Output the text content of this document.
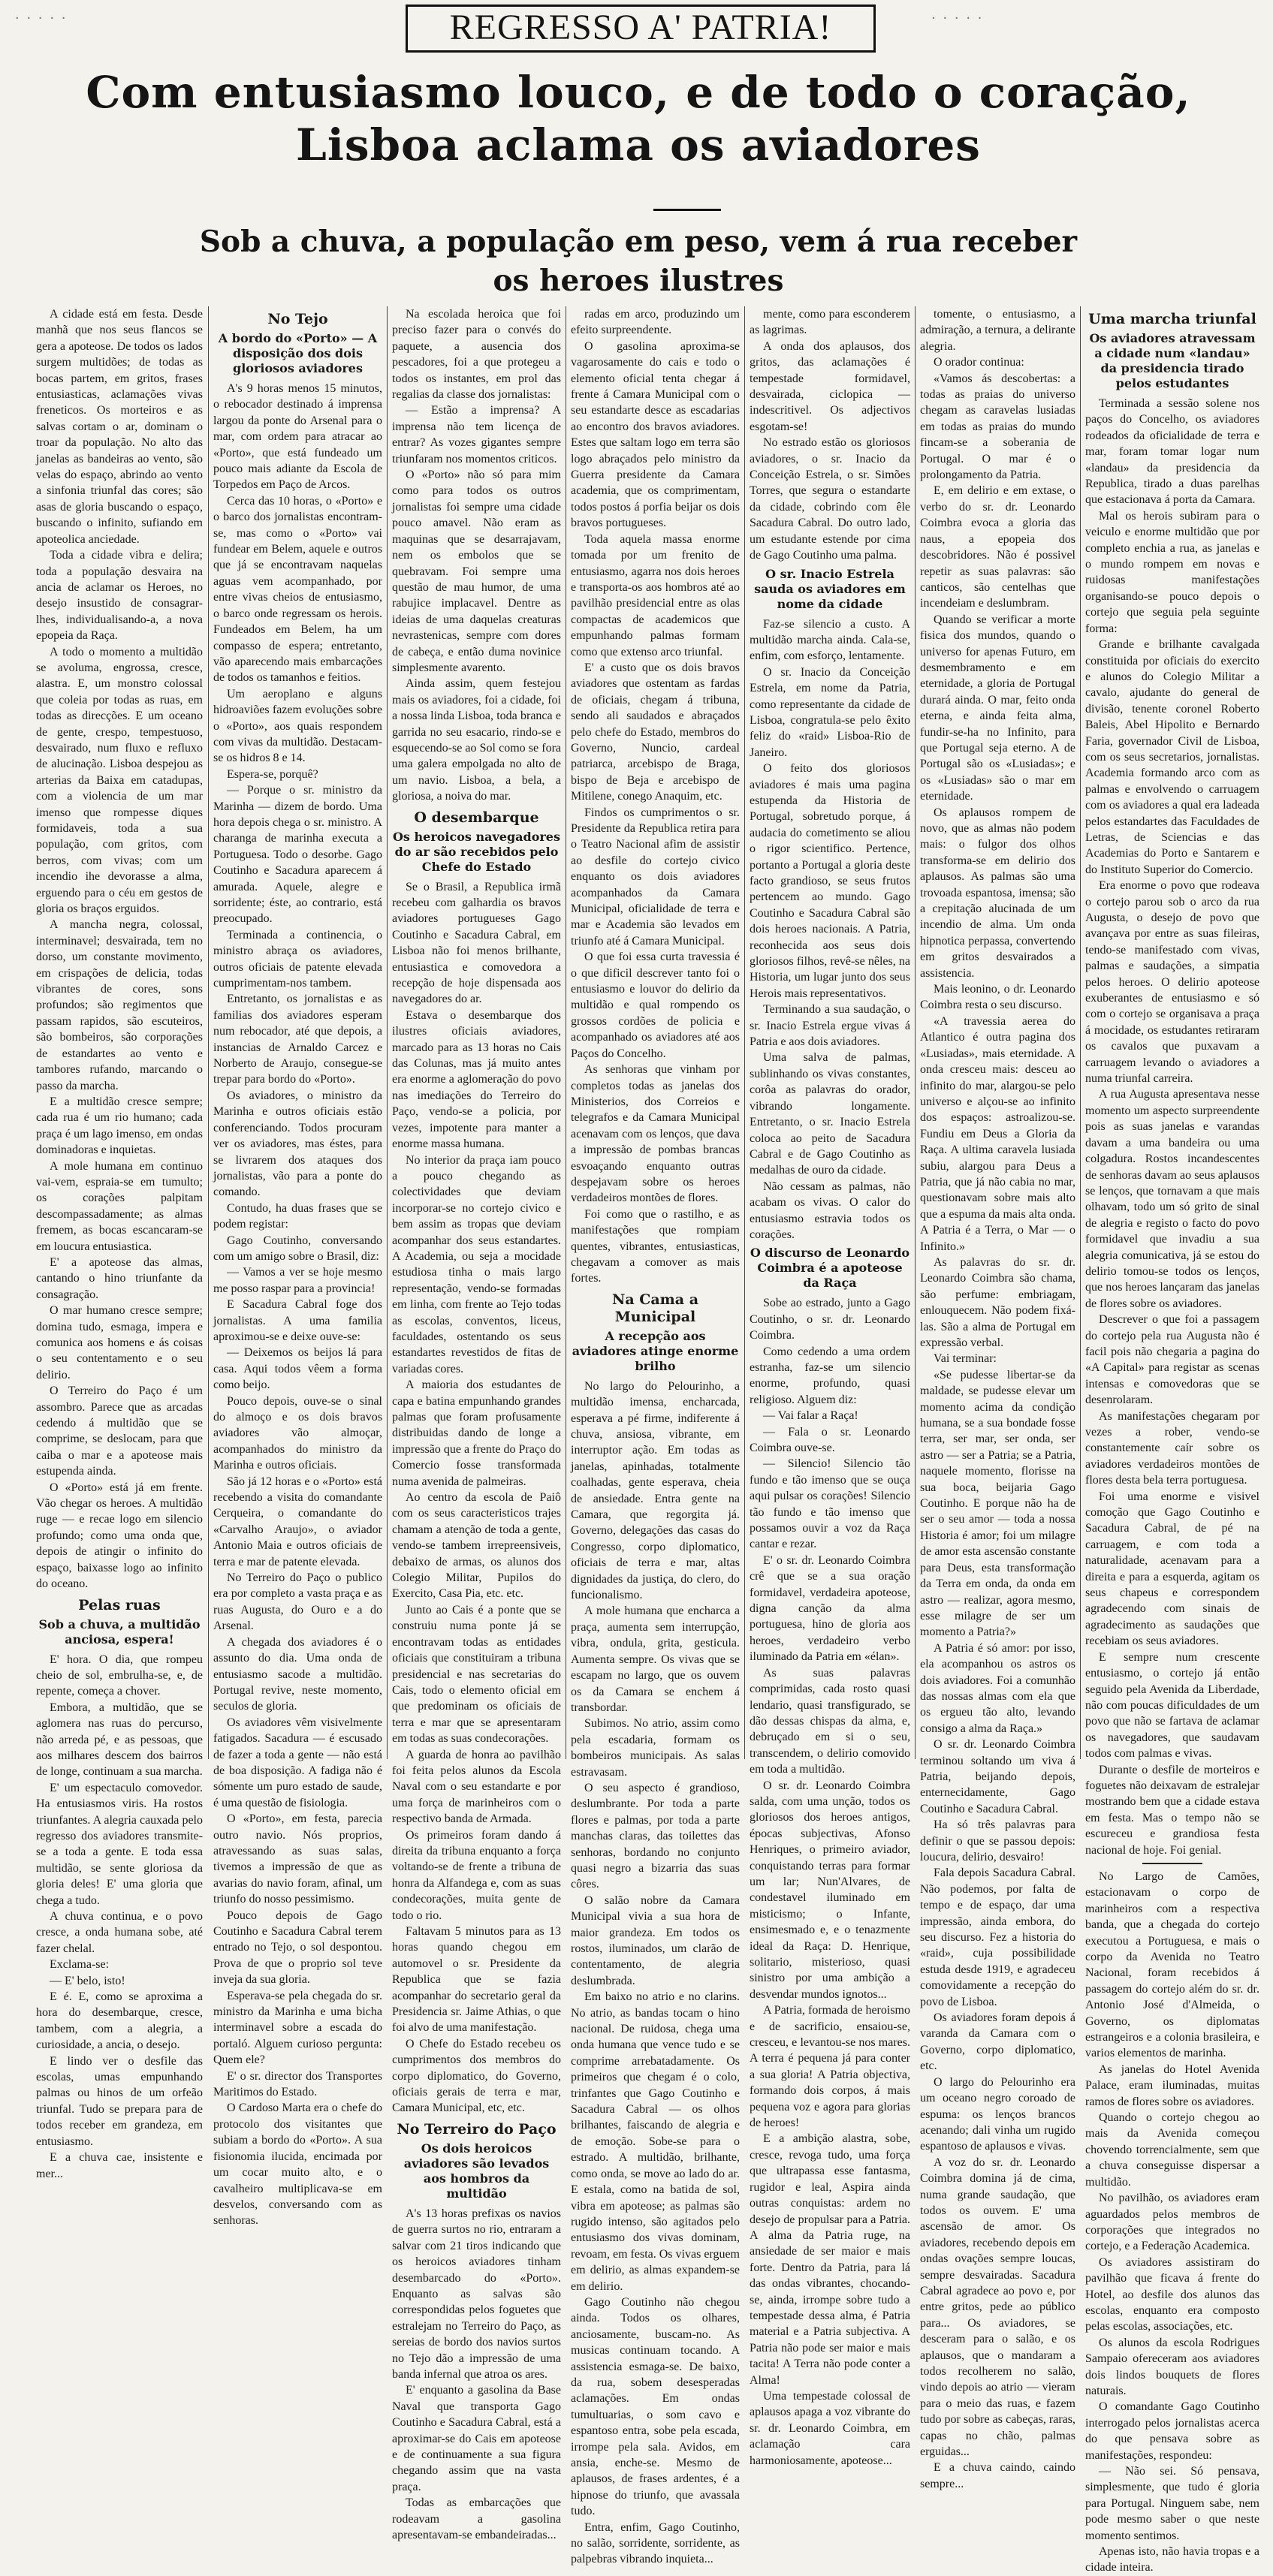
· · · · ·	· · · · ·
REGRESSO A' PATRIA!
Com entusiasmo louco, e de todo o coração,
Lisboa aclama os aviadores
Sob a chuva, a população em peso, vem á rua receber
os heroes ilustres

A cidade está em festa. Desde manhã que nos seus flancos se gera a apoteose. De todos os lados surgem multidões; de todas as bocas partem, em gritos, frases entusiasticas, aclamações vivas freneticos. Os morteiros e as salvas cortam o ar, dominam o troar da população. No alto das janelas as bandeiras ao vento, são velas do espaço, abrindo ao vento a sinfonia triunfal das cores; são asas de gloria buscando o espaço, buscando o infinito, sufiando em apoteolica anciedade.

Toda a cidade vibra e delira; toda a população desvaira na ancia de aclamar os Heroes, no desejo insustido de consagrar-lhes, individualisando-a, a nova epopeia da Raça.

A todo o momento a multidão se avoluma, engrossa, cresce, alastra. E, um monstro colossal que coleia por todas as ruas, em todas as direcções. E um oceano de gente, crespo, tempestuoso, desvairado, num fluxo e refluxo de alucinação. Lisboa despejou as arterias da Baixa em catadupas, com a violencia de um mar imenso que rompesse diques formidaveis, toda a sua população, com gritos, com berros, com vivas; com um incendio ihe devorasse a alma, erguendo para o céu em gestos de gloria os braços erguidos.

A mancha negra, colossal, interminavel; desvairada, tem no dorso, um constante movimento, em crispações de delicia, todas vibrantes de cores, sons profundos; são regimentos que passam rapidos, são escuteiros, são bombeiros, são corporações de estandartes ao vento e tambores rufando, marcando o passo da marcha.

E a multidão cresce sempre; cada rua é um rio humano; cada praça é um lago imenso, em ondas dominadoras e inquietas.

A mole humana em continuo vai-vem, espraia-se em tumulto; os corações palpitam descompassadamente; as almas fremem, as bocas escancaram-se em loucura entusiastica.

E' a apoteose das almas, cantando o hino triunfante da consagração.

O mar humano cresce sempre; domina tudo, esmaga, impera e comunica aos homens e ás coisas o seu contentamento e o seu delirio.

O Terreiro do Paço é um assombro. Parece que as arcadas cedendo á multidão que se comprime, se deslocam, para que caiba o mar e a apoteose mais estupenda ainda.

O «Porto» está já em frente. Vão chegar os heroes. A multidão ruge — e recae logo em silencio profundo; como uma onda que, depois de atingir o infinito do espaço, baixasse logo ao infinito do oceano.

Pelas ruas
Sob a chuva, a multidão anciosa, espera!

E' hora. O dia, que rompeu cheio de sol, embrulha-se, e, de repente, começa a chover.

Embora, a multidão, que se aglomera nas ruas do percurso, não arreda pé, e as pessoas, que aos milhares descem dos bairros de longe, continuam a sua marcha.

E' um espectaculo comovedor. Ha entusiasmos viris. Ha rostos triunfantes. A alegria cauxada pelo regresso dos aviadores transmite-se a toda a gente. E toda essa multidão, se sente gloriosa da gloria deles! E' uma gloria que chega a tudo.

A chuva continua, e o povo cresce, a onda humana sobe, até fazer chelal.

Exclama-se:

— E' belo, isto!

E é. E, como se aproxima a hora do desembarque, cresce, tambem, com a alegria, a curiosidade, a ancia, o desejo.

E lindo ver o desfile das escolas, umas empunhando palmas ou hinos de um orfeão triunfal. Tudo se prepara para de todos receber em grandeza, em entusiasmo.

E a chuva cae, insistente e mer...

No Tejo
A bordo do «Porto» — A disposição dos dois gloriosos aviadores

A's 9 horas menos 15 minutos, o rebocador destinado á imprensa largou da ponte do Arsenal para o mar, com ordem para atracar ao «Porto», que está fundeado um pouco mais adiante da Escola de Torpedos em Paço de Arcos.

Cerca das 10 horas, o «Porto» e o barco dos jornalistas encontram-se, mas como o «Porto» vai fundear em Belem, aquele e outros que já se encontravam naquelas aguas vem acompanhado, por entre vivas cheios de entusiasmo, o barco onde regressam os herois. Fundeados em Belem, ha um compasso de espera; entretanto, vão aparecendo mais embarcações de todos os tamanhos e feitios.

Um aeroplano e alguns hidroaviões fazem evoluções sobre o «Porto», aos quais respondem com vivas da multidão. Destacam-se os hidros 8 e 14.

Espera-se, porquê?

— Porque o sr. ministro da Marinha — dizem de bordo. Uma hora depois chega o sr. ministro. A charanga de marinha executa a Portuguesa. Todo o desorbe. Gago Coutinho e Sacadura aparecem á amurada. Aquele, alegre e sorridente; éste, ao contrario, está preocupado.

Terminada a continencia, o ministro abraça os aviadores, outros oficiais de patente elevada cumprimentam-nos tambem.

Entretanto, os jornalistas e as familias dos aviadores esperam num rebocador, até que depois, a instancias de Arnaldo Carcez e Norberto de Araujo, consegue-se trepar para bordo do «Porto».

Os aviadores, o ministro da Marinha e outros oficiais estão conferenciando. Todos procuram ver os aviadores, mas éstes, para se livrarem dos ataques dos jornalistas, vão para a ponte do comando.

Contudo, ha duas frases que se podem registar:

Gago Coutinho, conversando com um amigo sobre o Brasil, diz:

— Vamos a ver se hoje mesmo me posso raspar para a provincia!

E Sacadura Cabral foge dos jornalistas. A uma familia aproximou-se e deixe ouve-se:

— Deixemos os beijos lá para casa. Aqui todos vêem a forma como beijo.

Pouco depois, ouve-se o sinal do almoço e os dois bravos aviadores vão almoçar, acompanhados do ministro da Marinha e outros oficiais.

São já 12 horas e o «Porto» está recebendo a visita do comandante Cerqueira, o comandante do «Carvalho Araujo», o aviador Antonio Maia e outros oficiais de terra e mar de patente elevada.

No Terreiro do Paço o publico era por completo a vasta praça e as ruas Augusta, do Ouro e a do Arsenal.

A chegada dos aviadores é o assunto do dia. Uma onda de entusiasmo sacode a multidão. Portugal revive, neste momento, seculos de gloria.

Os aviadores vêm visivelmente fatigados. Sacadura — é escusado de fazer a toda a gente — não está de boa disposição. A fadiga não é sómente um puro estado de saude, é uma questão de fisiologia.

O «Porto», em festa, parecia outro navio. Nós proprios, atravessando as suas salas, tivemos a impressão de que as avarias do navio foram, afinal, um triunfo do nosso pessimismo.

Pouco depois de Gago Coutinho e Sacadura Cabral terem entrado no Tejo, o sol despontou. Prova de que o proprio sol teve inveja da sua gloria.

Esperava-se pela chegada do sr. ministro da Marinha e uma bicha interminavel sobre a escada do portaló. Alguem curioso pergunta: Quem ele?

E' o sr. director dos Transportes Maritimos do Estado.

O Cardoso Marta era o chefe do protocolo dos visitantes que subiam a bordo do «Porto». A sua fisionomia ilucida, encimada por um cocar muito alto, e o cavalheiro multiplicava-se em desvelos, conversando com as senhoras.

Na escolada heroica que foi preciso fazer para o convés do paquete, a ausencia dos pescadores, foi a que protegeu a todos os instantes, em prol das regalias da classe dos jornalistas:

— Estão a imprensa? A imprensa não tem licença de entrar? As vozes gigantes sempre triunfaram nos momentos criticos.

O «Porto» não só para mim como para todos os outros jornalistas foi sempre uma cidade pouco amavel. Não eram as maquinas que se desarrajavam, nem os embolos que se quebravam. Foi sempre uma questão de mau humor, de uma rabujice implacavel. Dentre as ideias de uma daquelas creaturas nevrastenicas, sempre com dores de cabeça, e então duma novinice simplesmente avarento.

Ainda assim, quem festejou mais os aviadores, foi a cidade, foi a nossa linda Lisboa, toda branca e garrida no seu esacario, rindo-se e esquecendo-se ao Sol como se fora uma galera empolgada no alto de um navio. Lisboa, a bela, a gloriosa, a noiva do mar.

O desembarque
Os heroicos navegadores do ar são recebidos pelo Chefe do Estado

Se o Brasil, a Republica irmã recebeu com galhardia os bravos aviadores portugueses Gago Coutinho e Sacadura Cabral, em Lisboa não foi menos brilhante, entusiastica e comovedora a recepção de hoje dispensada aos navegadores do ar.

Estava o desembarque dos ilustres oficiais aviadores, marcado para as 13 horas no Cais das Colunas, mas já muito antes era enorme a aglomeração do povo nas imediações do Terreiro do Paço, vendo-se a policia, por vezes, impotente para manter a enorme massa humana.

No interior da praça iam pouco a pouco chegando as colectividades que deviam incorporar-se no cortejo civico e bem assim as tropas que deviam acompanhar dos seus estandartes. A Academia, ou seja a mocidade estudiosa tinha o mais largo representação, vendo-se formadas em linha, com frente ao Tejo todas as escolas, conventos, liceus, faculdades, ostentando os seus estandartes revestidos de fitas de variadas cores.

A maioria dos estudantes de capa e batina empunhando grandes palmas que foram profusamente distribuidas dando de longe a impressão que a frente do Praço do Comercio fosse transformada numa avenida de palmeiras.

Ao centro da escola de Paiô com os seus caracteristicos trajes chamam a atenção de toda a gente, vendo-se tambem irrepreensiveis, debaixo de armas, os alunos dos Colegio Militar, Pupilos do Exercito, Casa Pia, etc. etc.

Junto ao Cais é a ponte que se construiu numa ponte já se encontravam todas as entidades oficiais que constituiram a tribuna presidencial e nas secretarias do Cais, todo o elemento oficial em que predominam os oficiais de terra e mar que se apresentaram em todas as suas condecorações.

A guarda de honra ao pavilhão foi feita pelos alunos da Escola Naval com o seu estandarte e por uma força de marinheiros com o respectivo banda de Armada.

Os primeiros foram dando á direita da tribuna enquanto a força voltando-se de frente a tribuna de honra da Alfandega e, com as suas condecorações, muita gente de todo o rio.

Faltavam 5 minutos para as 13 horas quando chegou em automovel o sr. Presidente da Republica que se fazia acompanhar do secretario geral da Presidencia sr. Jaime Athias, o que foi alvo de uma manifestação.

O Chefe do Estado recebeu os cumprimentos dos membros do corpo diplomatico, do Governo, oficiais gerais de terra e mar, Camara Municipal, etc, etc.

No Terreiro do Paço
Os dois heroicos aviadores são levados aos hombros da multidão

A's 13 horas prefixas os navios de guerra surtos no rio, entraram a salvar com 21 tiros indicando que os heroicos aviadores tinham desembarcado do «Porto». Enquanto as salvas são correspondidas pelos foguetes que estralejam no Terreiro do Paço, as sereias de bordo dos navios surtos no Tejo dão a impressão de uma banda infernal que atroa os ares.

E' enquanto a gasolina da Base Naval que transporta Gago Coutinho e Sacadura Cabral, está a aproximar-se do Cais em apoteose e de continuamente a sua figura chegando assim que na vasta praça.

Todas as embarcações que rodeavam a gasolina apresentavam-se embandeiradas...

radas em arco, produzindo um efeito surpreendente.

O gasolina aproxima-se vagarosamente do cais e todo o elemento oficial tenta chegar á frente á Camara Municipal com o seu estandarte desce as escadarias ao encontro dos bravos aviadores. Estes que saltam logo em terra são logo abraçados pelo ministro da Guerra presidente da Camara academia, que os comprimentam, todos postos á porfia beijar os dois bravos portugueses.

Toda aquela massa enorme tomada por um frenito de entusiasmo, agarra nos dois heroes e transporta-os aos hombros até ao pavilhão presidencial entre as olas compactas de academicos que empunhando palmas formam como que extenso arco triunfal.

E' a custo que os dois bravos aviadores que ostentam as fardas de oficiais, chegam á tribuna, sendo ali saudados e abraçados pelo chefe do Estado, membros do Governo, Nuncio, cardeal patriarca, arcebispo de Braga, bispo de Beja e arcebispo de Mitilene, conego Anaquim, etc.

Findos os cumprimentos o sr. Presidente da Republica retira para o Teatro Nacional afim de assistir ao desfile do cortejo civico enquanto os dois aviadores acompanhados da Camara Municipal, oficialidade de terra e mar e Academia são levados em triunfo até á Camara Municipal.

O que foi essa curta travessia é o que dificil descrever tanto foi o entusiasmo e louvor do delirio da multidão e qual rompendo os grossos cordões de policia e acompanhado os aviadores até aos Paços do Concelho.

As senhoras que vinham por completos todas as janelas dos Ministerios, dos Correios e telegrafos e da Camara Municipal acenavam com os lenços, que dava a impressão de pombas brancas esvoaçando enquanto outras despejavam sobre os heroes verdadeiros montões de flores.

Foi como que o rastilho, e as manifestações que rompiam quentes, vibrantes, entusiasticas, chegavam a comover as mais fortes.

Na Cama a Municipal
A recepção aos aviadores atinge enorme brilho

No largo do Pelourinho, a multidão imensa, encharcada, esperava a pé firme, indiferente á chuva, ansiosa, vibrante, em interruptor ação. Em todas as janelas, apinhadas, totalmente coalhadas, gente esperava, cheia de ansiedade. Entra gente na Camara, que regorgita já. Governo, delegações das casas do Congresso, corpo diplomatico, oficiais de terra e mar, altas dignidades da justiça, do clero, do funcionalismo.

A mole humana que encharca a praça, aumenta sem interrupção, vibra, ondula, grita, gesticula. Aumenta sempre. Os vivas que se escapam no largo, que os ouvem os da Camara se enchem á transbordar.

Subimos. No atrio, assim como pela escadaria, formam os bombeiros municipais. As salas estravasam.

O seu aspecto é grandioso, deslumbrante. Por toda a parte flores e palmas, por toda a parte manchas claras, das toilettes das senhoras, bordando no conjunto quasi negro a bizarria das suas côres.

O salão nobre da Camara Municipal vivia a sua hora de maior grandeza. Em todos os rostos, iluminados, um clarão de contentamento, de alegria deslumbrada.

Em baixo no atrio e no clarins. No atrio, as bandas tocam o hino nacional. De ruidosa, chega uma onda humana que vence tudo e se comprime arrebatadamente. Os primeiros que chegam é o colo, trinfantes que Gago Coutinho e Sacadura Cabral — os olhos brilhantes, faiscando de alegria e de emoção. Sobe-se para o estrado. A multidão, brilhante, como onda, se move ao lado do ar. E estala, como na batida de sol, vibra em apoteose; as palmas são rugido intenso, são agitados pelo entusiasmo dos vivas dominam, revoam, em festa. Os vivas erguem em delirio, as almas expandem-se em delirio.

Gago Coutinho não chegou ainda. Todos os olhares, anciosamente, buscam-no. As musicas continuam tocando. A assistencia esmaga-se. De baixo, da rua, sobem desesperadas aclamações. Em ondas tumultuarias, o som cavo e espantoso entra, sobe pela escada, irrompe pela sala. Avidos, em ansia, enche-se. Mesmo de aplausos, de frases ardentes, é a hipnose do triunfo, que avassala tudo.

Entra, enfim, Gago Coutinho, no salão, sorridente, sorridente, as palpebras vibrando inquieta...

mente, como para esconderem as lagrimas.

A onda dos aplausos, dos gritos, das aclamações é tempestade formidavel, desvairada, ciclopica — indescritivel. Os adjectivos esgotam-se!

No estrado estão os gloriosos aviadores, o sr. Inacio da Conceição Estrela, o sr. Simões Torres, que segura o estandarte da cidade, cobrindo com êle Sacadura Cabral. Do outro lado, um estudante estende por cima de Gago Coutinho uma palma.

O sr. Inacio Estrela sauda os aviadores em nome da cidade

Faz-se silencio a custo. A multidão marcha ainda. Cala-se, enfim, com esforço, lentamente.

O sr. Inacio da Conceição Estrela, em nome da Patria, como representante da cidade de Lisboa, congratula-se pelo êxito feliz do «raid» Lisboa-Rio de Janeiro.

O feito dos gloriosos aviadores é mais uma pagina estupenda da Historia de Portugal, sobretudo porque, á audacia do cometimento se aliou o rigor scientifico. Pertence, portanto a Portugal a gloria deste facto grandioso, se seus frutos pertencem ao mundo. Gago Coutinho e Sacadura Cabral são dois heroes nacionais. A Patria, reconhecida aos seus dois gloriosos filhos, revê-se nêles, na Historia, um lugar junto dos seus Herois mais representativos.

Terminando a sua saudação, o sr. Inacio Estrela ergue vivas á Patria e aos dois aviadores.

Uma salva de palmas, sublinhando os vivas constantes, corôa as palavras do orador, vibrando longamente. Entretanto, o sr. Inacio Estrela coloca ao peito de Sacadura Cabral e de Gago Coutinho as medalhas de ouro da cidade.

Não cessam as palmas, não acabam os vivas. O calor do entusiasmo estravia todos os corações.

O discurso de Leonardo Coimbra é a apoteose da Raça

Sobe ao estrado, junto a Gago Coutinho, o sr. dr. Leonardo Coimbra.

Como cedendo a uma ordem estranha, faz-se um silencio enorme, profundo, quasi religioso. Alguem diz:

— Vai falar a Raça!

— Fala o sr. Leonardo Coimbra ouve-se.

— Silencio! Silencio tão fundo e tão imenso que se ouça aqui pulsar os corações! Silencio tão fundo e tão imenso que possamos ouvir a voz da Raça cantar e rezar.

E' o sr. dr. Leonardo Coimbra crê que se a sua oração formidavel, verdadeira apoteose, digna canção da alma portuguesa, hino de gloria aos heroes, verdadeiro verbo iluminado da Patria em «élan».

As suas palavras comprimidas, cada rosto quasi lendario, quasi transfigurado, se dão dessas chispas da alma, e, debruçado em si o seu, transcendem, o delirio comovido em toda a multidão.

O sr. dr. Leonardo Coimbra salda, com uma unção, todos os gloriosos dos heroes antigos, épocas subjectivas, Afonso Henriques, o primeiro aviador, conquistando terras para formar um lar; Nun'Alvares, de condestavel iluminado em misticismo; o Infante, ensimesmado e, e o tenazmente ideal da Raça: D. Henrique, solitario, misterioso, quasi sinistro por uma ambição a desvendar mundos ignotos...

A Patria, formada de heroismo e de sacrificio, ensaiou-se, cresceu, e levantou-se nos mares. A terra é pequena já para conter a sua gloria! A Patria objectiva, formando dois corpos, á mais pequena voz e agora para glorias de heroes!

E a ambição alastra, sobe, cresce, revoga tudo, uma força que ultrapassa esse fantasma, rugidor e leal, Aspira ainda outras conquistas: ardem no desejo de propulsar para a Patria. A alma da Patria ruge, na ansiedade de ser maior e mais forte. Dentro da Patria, para lá das ondas vibrantes, chocando-se, ainda, irrompe sobre tudo a tempestade dessa alma, é Patria material e a Patria subjectiva. A Patria não pode ser maior e mais tacita! A Terra não pode conter a Alma!

Uma tempestade colossal de aplausos apaga a voz vibrante do sr. dr. Leonardo Coimbra, em aclamação cara harmoniosamente, apoteose...

tomente, o entusiasmo, a admiração, a ternura, a delirante alegria.

O orador continua:

«Vamos ás descobertas: a todas as praias do universo chegam as caravelas lusiadas em todas as praias do mundo fincam-se a soberania de Portugal. O mar é o prolongamento da Patria.

E, em delirio e em extase, o verbo do sr. dr. Leonardo Coimbra evoca a gloria das naus, a epopeia dos descobridores. Não é possivel repetir as suas palavras: são canticos, são centelhas que incendeiam e deslumbram.

Quando se verificar a morte fisica dos mundos, quando o universo for apenas Futuro, em desmembramento e em eternidade, a gloria de Portugal durará ainda. O mar, feito onda eterna, e ainda feita alma, fundir-se-ha no Infinito, para que Portugal seja eterno. A de Portugal são os «Lusiadas»; e os «Lusiadas» são o mar em eternidade.

Os aplausos rompem de novo, que as almas não podem mais: o fulgor dos olhos transforma-se em delirio dos aplausos. As palmas são uma trovoada espantosa, imensa; são a crepitação alucinada de um incendio de alma. Um onda hipnotica perpassa, convertendo em gritos desvairados a assistencia.

Mais leonino, o dr. Leonardo Coimbra resta o seu discurso.

«A travessia aerea do Atlantico é outra pagina dos «Lusiadas», mais eternidade. A onda cresceu mais: desceu ao infinito do mar, alargou-se pelo universo e alçou-se ao infinito dos espaços: astroalizou-se. Fundiu em Deus a Gloria da Raça. A ultima caravela lusiada subiu, alargou para Deus a Patria, que já não cabia no mar, questionavam sobre mais alto que a espuma da mais alta onda. A Patria é a Terra, o Mar — o Infinito.»

As palavras do sr. dr. Leonardo Coimbra são chama, são perfume: embriagam, enlouquecem. Não podem fixá-las. São a alma de Portugal em expressão verbal.

Vai terminar:

«Se pudesse libertar-se da maldade, se pudesse elevar um momento acima da condição humana, se a sua bondade fosse terra, ser mar, ser onda, ser astro — ser a Patria; se a Patria, naquele momento, florisse na sua boca, beijaria Gago Coutinho. E porque não ha de ser o seu amor — toda a nossa Historia é amor; foi um milagre de amor esta ascensão constante para Deus, esta transformação da Terra em onda, da onda em astro — realizar, agora mesmo, esse milagre de ser um momento a Patria?»

A Patria é só amor: por isso, ela acompanhou os astros os dois aviadores. Foi a comunhão das nossas almas com ela que os ergueu tão alto, levando consigo a alma da Raça.»

O sr. dr. Leonardo Coimbra terminou soltando um viva á Patria, beijando depois, enternecidamente, Gago Coutinho e Sacadura Cabral.

Ha só três palavras para definir o que se passou depois: loucura, delirio, desvairo!

Fala depois Sacadura Cabral. Não podemos, por falta de tempo e de espaço, dar uma impressão, ainda embora, do seu discurso. Fez a historia do «raid», cuja possibilidade estuda desde 1919, e agradeceu comovidamente a recepção do povo de Lisboa.

Os aviadores foram depois á varanda da Camara com o Governo, corpo diplomatico, etc.

O largo do Pelourinho era um oceano negro coroado de espuma: os lenços brancos acenando; dali vinha um rugido espantoso de aplausos e vivas.

A voz do sr. dr. Leonardo Coimbra domina já de cima, numa grande saudação, que todos os ouvem. E' uma ascensão de amor. Os aviadores, recebendo depois em ondas ovações sempre loucas, sempre desvairadas. Sacadura Cabral agradece ao povo e, por entre gritos, pede ao público para... Os aviadores, se desceram para o salão, e os aplausos, que o mandaram a todos recolherem no salão, vindo depois ao atrio — vieram para o meio das ruas, e fazem tudo por sobre as cabeças, raras, capas no chão, palmas erguidas...

E a chuva caindo, caindo sempre...

Uma marcha triunfal
Os aviadores atravessam a cidade num «landau» da presidencia tirado pelos estudantes

Terminada a sessão solene nos paços do Concelho, os aviadores rodeados da oficialidade de terra e mar, foram tomar logar num «landau» da presidencia da Republica, tirado a duas parelhas que estacionava á porta da Camara.

Mal os herois subiram para o veiculo e enorme multidão que por completo enchia a rua, as janelas e o mundo rompem em novas e ruidosas manifestações organisando-se pouco depois o cortejo que seguia pela seguinte forma:

Grande e brilhante cavalgada constituida por oficiais do exercito e alunos do Colegio Militar a cavalo, ajudante do general de divisão, tenente coronel Roberto Baleis, Abel Hipolito e Bernardo Faria, governador Civil de Lisboa, com os seus secretarios, jornalistas. Academia formando arco com as palmas e envolvendo o carruagem com os aviadores a qual era ladeada pelos estandartes das Faculdades de Letras, de Sciencias e das Academias do Porto e Santarem e do Instituto Superior do Comercio.

Era enorme o povo que rodeava o cortejo parou sob o arco da rua Augusta, o desejo de povo que avançava por entre as suas fileiras, tendo-se manifestado com vivas, palmas e saudações, a simpatia pelos heroes. O delirio apoteose exuberantes de entusiasmo e só com o cortejo se organisava a praça á mocidade, os estudantes retiraram os cavalos que puxavam a carruagem levando o aviadores a numa triunfal carreira.

A rua Augusta apresentava nesse momento um aspecto surpreendente pois as suas janelas e varandas davam a uma bandeira ou uma colgadura. Rostos incandescentes de senhoras davam ao seus aplausos se lenços, que tornavam a que mais olhavam, todo um só grito de sinal de alegria e registo o facto do povo formidavel que invadiu a sua alegria comunicativa, já se estou do delirio tomou-se todos os lenços, que nos heroes lançaram das janelas de flores sobre os aviadores.

Descrever o que foi a passagem do cortejo pela rua Augusta não é facil pois não chegaria a pagina do «A Capital» para registar as scenas intensas e comovedoras que se desenrolaram.

As manifestações chegaram por vezes a rober, vendo-se constantemente caír sobre os aviadores verdadeiros montões de flores desta bela terra portuguesa.

Foi uma enorme e visivel comoção que Gago Coutinho e Sacadura Cabral, de pé na carruagem, e com toda a naturalidade, acenavam para a direita e para a esquerda, agitam os seus chapeus e correspondem agradecendo com sinais de agradecimento as saudações que recebiam os seus aviadores.

E sempre num crescente entusiasmo, o cortejo já então seguido pela Avenida da Liberdade, não com poucas dificuldades de um povo que não se fartava de aclamar os navegadores, que saudavam todos com palmas e vivas.

Durante o desfile de morteiros e foguetes não deixavam de estralejar mostrando bem que a cidade estava em festa. Mas o tempo não se escureceu e grandiosa festa nacional de hoje. Foi genial.

No Largo de Camões, estacionavam o corpo de marinheiros com a respectiva banda, que a chegada do cortejo executou a Portuguesa, e mais o corpo da Avenida no Teatro Nacional, foram recebidos á passagem do cortejo além do sr. dr. Antonio José d'Almeida, o Governo, os diplomatas estrangeiros e a colonia brasileira, e varios elementos de marinha.

As janelas do Hotel Avenida Palace, eram iluminadas, muitas ramos de flores sobre os aviadores.

Quando o cortejo chegou ao mais da Avenida começou chovendo torrencialmente, sem que a chuva conseguisse dispersar a multidão.

No pavilhão, os aviadores eram aguardados pelos membros de corporações que integrados no cortejo, e a Federação Academica.

Os aviadores assistiram do pavilhão que ficava á frente do Hotel, ao desfile dos alunos das escolas, enquanto era composto pelas escolas, associações, etc.

Os alunos da escola Rodrigues Sampaio ofereceram aos aviadores dois lindos bouquets de flores naturais.

O comandante Gago Coutinho interrogado pelos jornalistas acerca do que pensava sobre as manifestações, respondeu:

— Não sei. Só pensava, simplesmente, que tudo é gloria para Portugal. Ninguem sabe, nem pode mesmo saber o que neste momento sentimos.

Apenas isto, não havia tropas e a cidade inteira.
